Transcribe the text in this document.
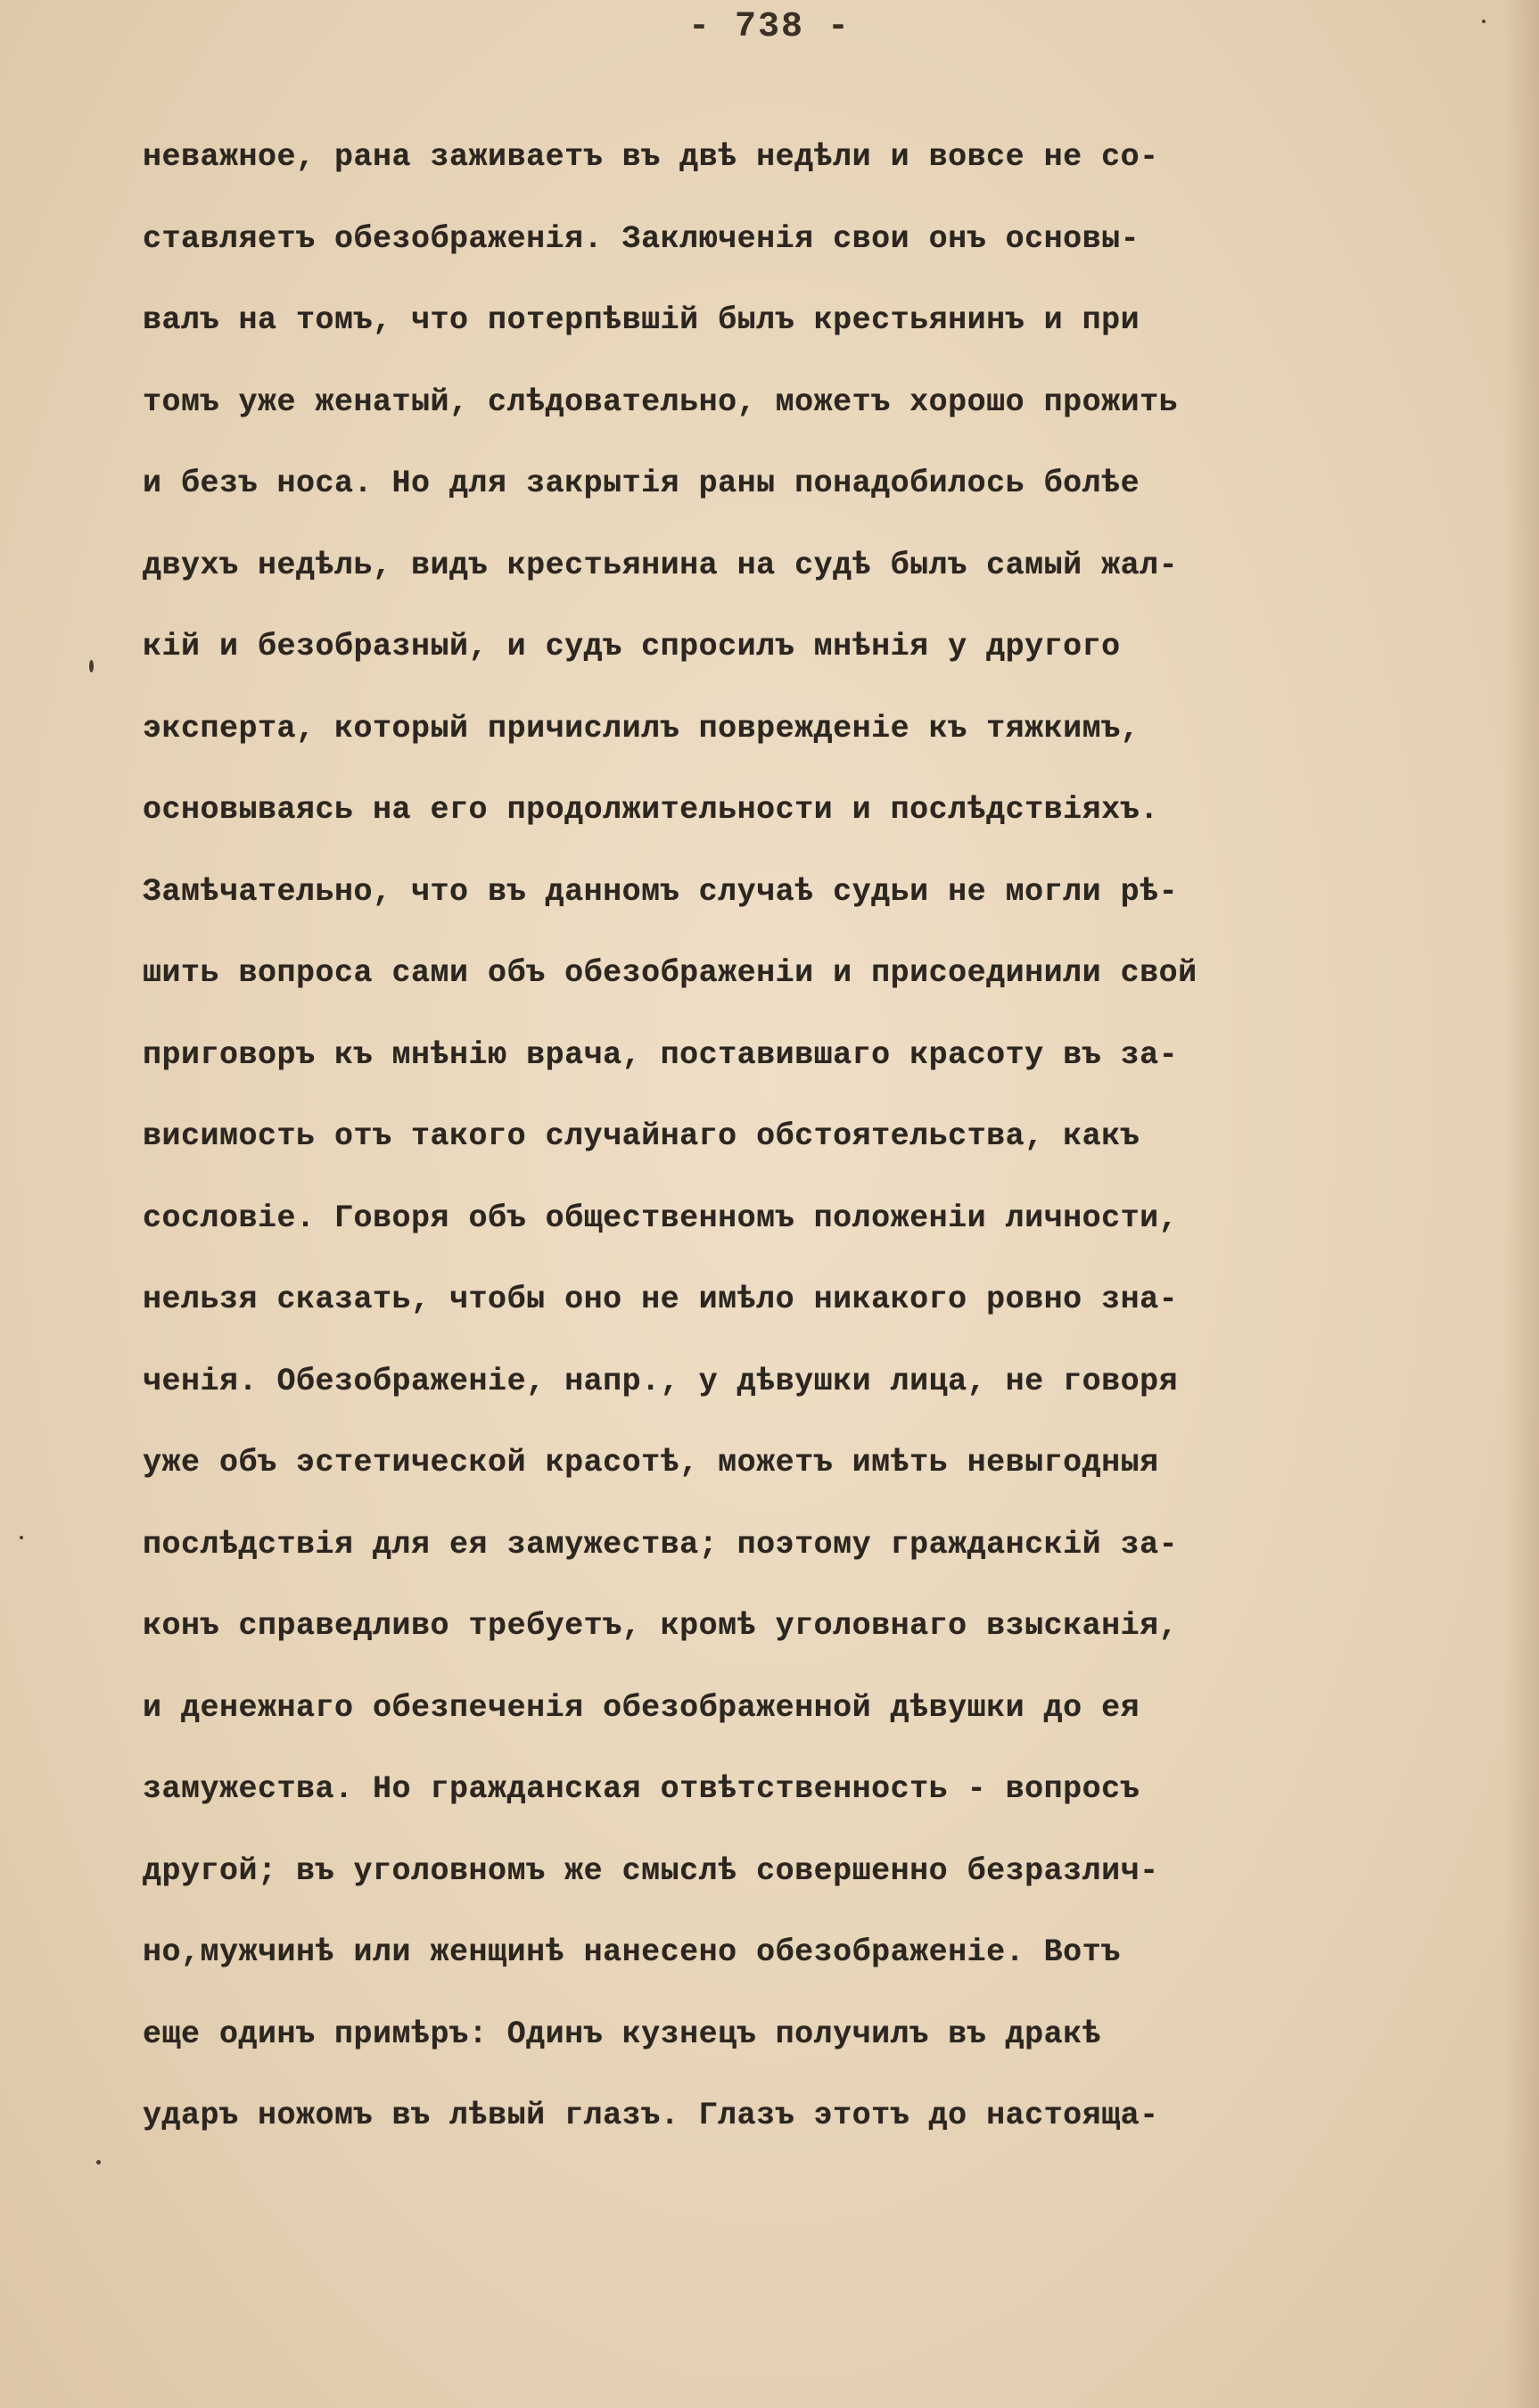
- 738 -
неважное, рана заживаетъ въ двѣ недѣли и вовсе не со-
ставляетъ обезображенія. Заключенія свои онъ основы-
валъ на томъ, что потерпѣвшій былъ крестьянинъ и при
томъ уже женатый, слѣдовательно, можетъ хорошо прожить
и безъ носа. Но для закрытія раны понадобилось болѣе
двухъ недѣль, видъ крестьянина на судѣ былъ самый жал-
кій и безобразный, и судъ спросилъ мнѣнія у другого
эксперта, который причислилъ поврежденіе къ тяжкимъ,
основываясь на его продолжительности и послѣдствіяхъ.
Замѣчательно, что въ данномъ случаѣ судьи не могли рѣ-
шить вопроса сами объ обезображеніи и присоединили свой
приговоръ къ мнѣнію врача, поставившаго красоту въ за-
висимость отъ такого случайнаго обстоятельства, какъ
сословіе. Говоря объ общественномъ положеніи личности,
нельзя сказать, чтобы оно не имѣло никакого ровно зна-
ченія. Обезображеніе, напр., у дѣвушки лица, не говоря
уже объ эстетической красотѣ, можетъ имѣть невыгодныя
послѣдствія для ея замужества; поэтому гражданскій за-
конъ справедливо требуетъ, кромѣ уголовнаго взысканія,
и денежнаго обезпеченія обезображенной дѣвушки до ея
замужества. Но гражданская отвѣтственность - вопросъ
другой; въ уголовномъ же смыслѣ совершенно безразлич-
но,мужчинѣ или женщинѣ нанесено обезображеніе. Вотъ
еще одинъ примѣръ: Одинъ кузнецъ получилъ въ дракѣ
ударъ ножомъ въ лѣвый глазъ. Глазъ этотъ до настояща-
